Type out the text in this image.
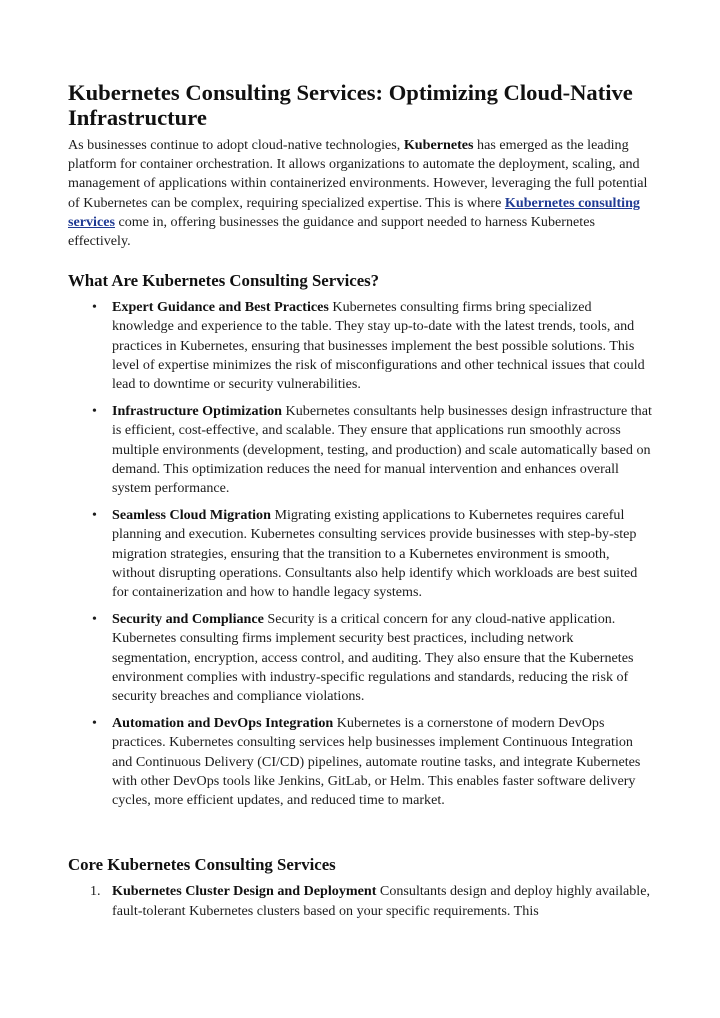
Kubernetes Consulting Services: Optimizing Cloud-Native Infrastructure

As businesses continue to adopt cloud-native technologies, Kubernetes has emerged as the leading platform for container orchestration. It allows organizations to automate the deployment, scaling, and management of applications within containerized environments. However, leveraging the full potential of Kubernetes can be complex, requiring specialized expertise. This is where Kubernetes consulting services come in, offering businesses the guidance and support needed to harness Kubernetes effectively.

What Are Kubernetes Consulting Services?
• Expert Guidance and Best Practices Kubernetes consulting firms bring specialized knowledge and experience to the table. They stay up-to-date with the latest trends, tools, and practices in Kubernetes, ensuring that businesses implement the best possible solutions. This level of expertise minimizes the risk of misconfigurations and other technical issues that could lead to downtime or security vulnerabilities.
• Infrastructure Optimization Kubernetes consultants help businesses design infrastructure that is efficient, cost-effective, and scalable. They ensure that applications run smoothly across multiple environments (development, testing, and production) and scale automatically based on demand. This optimization reduces the need for manual intervention and enhances overall system performance.
• Seamless Cloud Migration Migrating existing applications to Kubernetes requires careful planning and execution. Kubernetes consulting services provide businesses with step-by-step migration strategies, ensuring that the transition to a Kubernetes environment is smooth, without disrupting operations. Consultants also help identify which workloads are best suited for containerization and how to handle legacy systems.
• Security and Compliance Security is a critical concern for any cloud-native application. Kubernetes consulting firms implement security best practices, including network segmentation, encryption, access control, and auditing. They also ensure that the Kubernetes environment complies with industry-specific regulations and standards, reducing the risk of security breaches and compliance violations.
• Automation and DevOps Integration Kubernetes is a cornerstone of modern DevOps practices. Kubernetes consulting services help businesses implement Continuous Integration and Continuous Delivery (CI/CD) pipelines, automate routine tasks, and integrate Kubernetes with other DevOps tools like Jenkins, GitLab, or Helm. This enables faster software delivery cycles, more efficient updates, and reduced time to market.
Core Kubernetes Consulting Services
1. Kubernetes Cluster Design and Deployment Consultants design and deploy highly available, fault-tolerant Kubernetes clusters based on your specific requirements. This
